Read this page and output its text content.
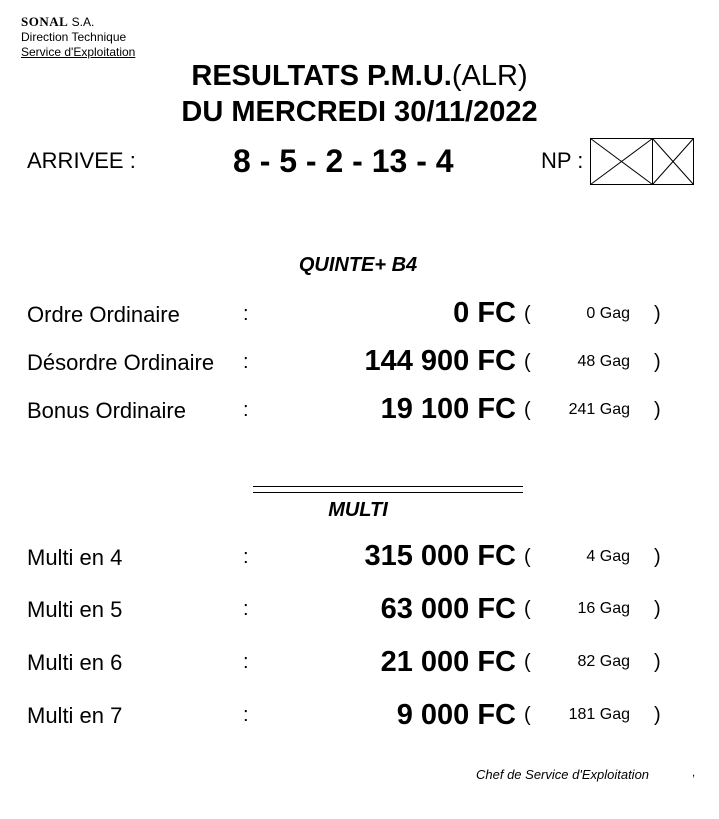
SONAL S.A.
Direction Technique
Service d'Exploitation
RESULTATS P.M.U.(ALR)
DU MERCREDI 30/11/2022
ARRIVEE :	8 - 5 - 2 - 13 - 4	NP :
QUINTE+ B4
Ordre Ordinaire	:	0 FC (	0 Gag )
Désordre Ordinaire :	144 900 FC (	48 Gag )
Bonus Ordinaire	:	19 100 FC ( 241 Gag )
MULTI
Multi en 4	:	315 000 FC (	4 Gag )
Multi en 5	:	63 000 FC (	16 Gag )
Multi en 6	:	21 000 FC (	82 Gag )
Multi en 7	:	9 000 FC ( 181 Gag )
Chef de Service d'Exploitation	,
